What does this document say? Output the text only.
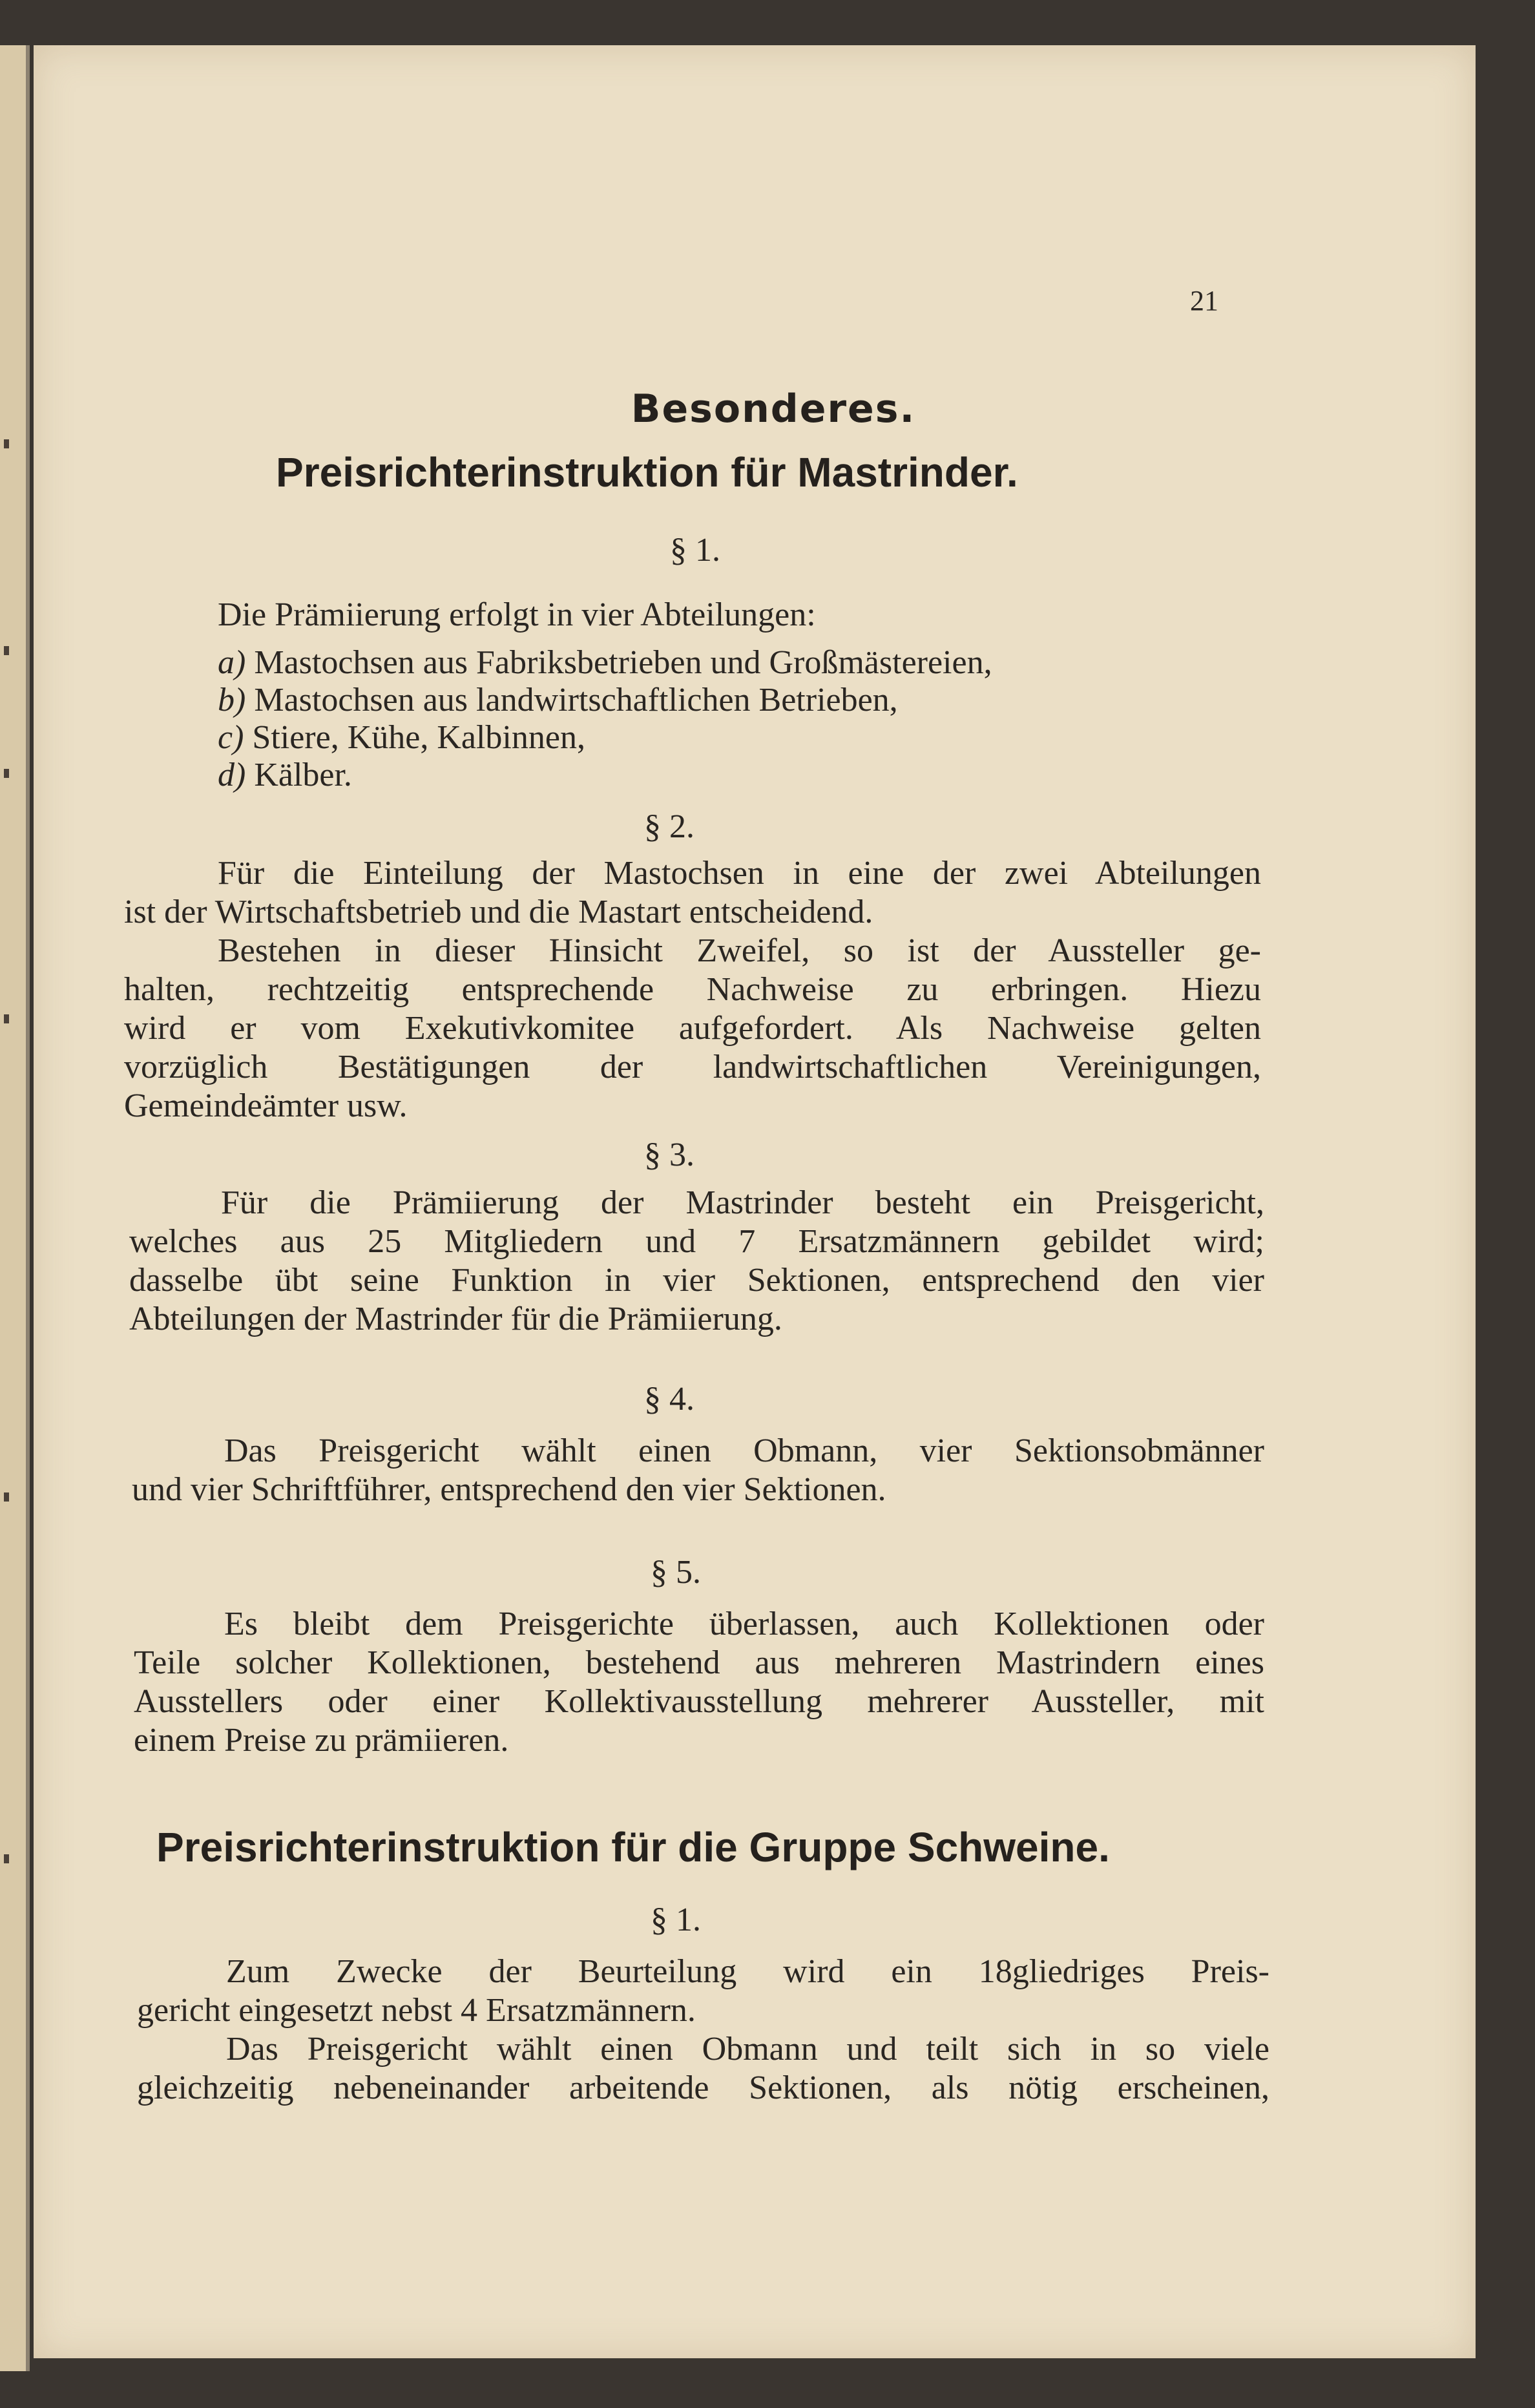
21
Besonderes.
Preisrichterinstruktion für Mastrinder.
§ 1.
Die Prämiierung erfolgt in vier Abteilungen:
a) Mastochsen aus Fabriksbetrieben und Großmästereien,
b) Mastochsen aus landwirtschaftlichen Betrieben,
c) Stiere, Kühe, Kalbinnen,
d) Kälber.
§ 2.
Für die Einteilung der Mastochsen in eine der zwei Abteilungen
ist der Wirtschaftsbetrieb und die Mastart entscheidend.
Bestehen in dieser Hinsicht Zweifel, so ist der Aussteller ge-
halten, rechtzeitig entsprechende Nachweise zu erbringen. Hiezu
wird er vom Exekutivkomitee aufgefordert. Als Nachweise gelten
vorzüglich Bestätigungen der landwirtschaftlichen Vereinigungen,
Gemeindeämter usw.
§ 3.
Für die Prämiierung der Mastrinder besteht ein Preisgericht,
welches aus 25 Mitgliedern und 7 Ersatzmännern gebildet wird;
dasselbe übt seine Funktion in vier Sektionen, entsprechend den vier
Abteilungen der Mastrinder für die Prämiierung.
§ 4.
Das Preisgericht wählt einen Obmann, vier Sektionsobmänner
und vier Schriftführer, entsprechend den vier Sektionen.
§ 5.
Es bleibt dem Preisgerichte überlassen, auch Kollektionen oder
Teile solcher Kollektionen, bestehend aus mehreren Mastrindern eines
Ausstellers oder einer Kollektivausstellung mehrerer Aussteller, mit
einem Preise zu prämiieren.
Preisrichterinstruktion für die Gruppe Schweine.
§ 1.
Zum Zwecke der Beurteilung wird ein 18gliedriges Preis-
gericht eingesetzt nebst 4 Ersatzmännern.
Das Preisgericht wählt einen Obmann und teilt sich in so viele
gleichzeitig nebeneinander arbeitende Sektionen, als nötig erscheinen,
